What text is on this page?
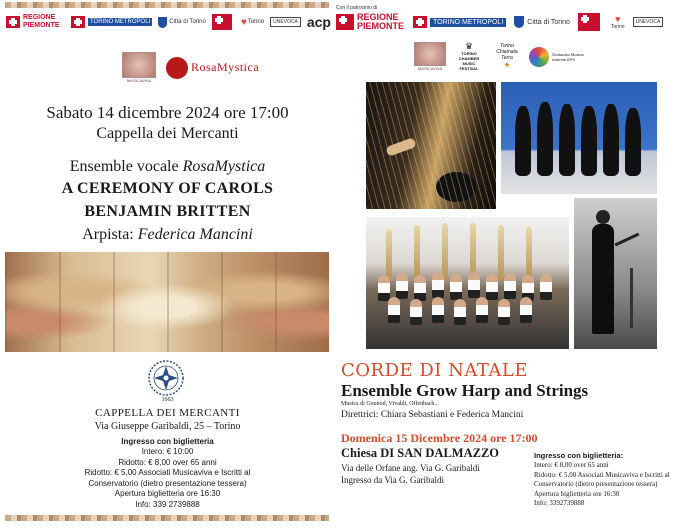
REGIONE PIEMONTE	TORINO METROPOLI	Città di Torino	♥ Torino	UNEVOCA acp
MUSICAVIVA
RosaMystica
Sabato 14 dicembre 2024 ore 17:00
Cappella dei Mercanti
Ensemble vocale RosaMystica
A CEREMONY OF CAROLS
BENJAMIN BRITTEN
Arpista: Federica Mancini
1663
CAPPELLA DEI MERCANTI
Via Giuseppe Garibaldi, 25 – Torino
Ingresso con biglietteria
Intero: € 10:00
Ridotto: € 8,00 over 65 anni
Ridotto: € 5,00 Associati Musicaviva e Iscritti al
Conservatorio (dietro presentazione tessera)
Apertura biglietteria ore 16:30
Info: 339 2739888
Con il patrocinio di
REGIONE PIEMONTE	TORINO METROPOLI	Città di Torino	♥
Torino
UNEVOCA
MUSICAVIVA
♛
TORINO CHAMBER MUSIC FESTIVAL
Torino Chiamata Terra
✦
Sindacato Musica Insieme APS
CORDE DI NATALE
Ensemble Grow Harp and Strings
Musica di Gounod, Vivaldi, Offenbach...
Direttrici: Chiara Sebastiani e Federica Mancini
Domenica 15 Dicembre 2024 ore 17:00
Chiesa DI SAN DALMAZZO
Via delle Orfane ang. Via G. Garibaldi
Ingresso da Via G. Garibaldi
Ingresso con biglietteria:
Intero: € 8,00 over 65 anni
Ridotto: € 5,00 Associati Musicaviva e Iscritti al
Conservatorio (dietro presentazione tessera)
Apertura biglietteria ore 16:30
Info: 3392739888
